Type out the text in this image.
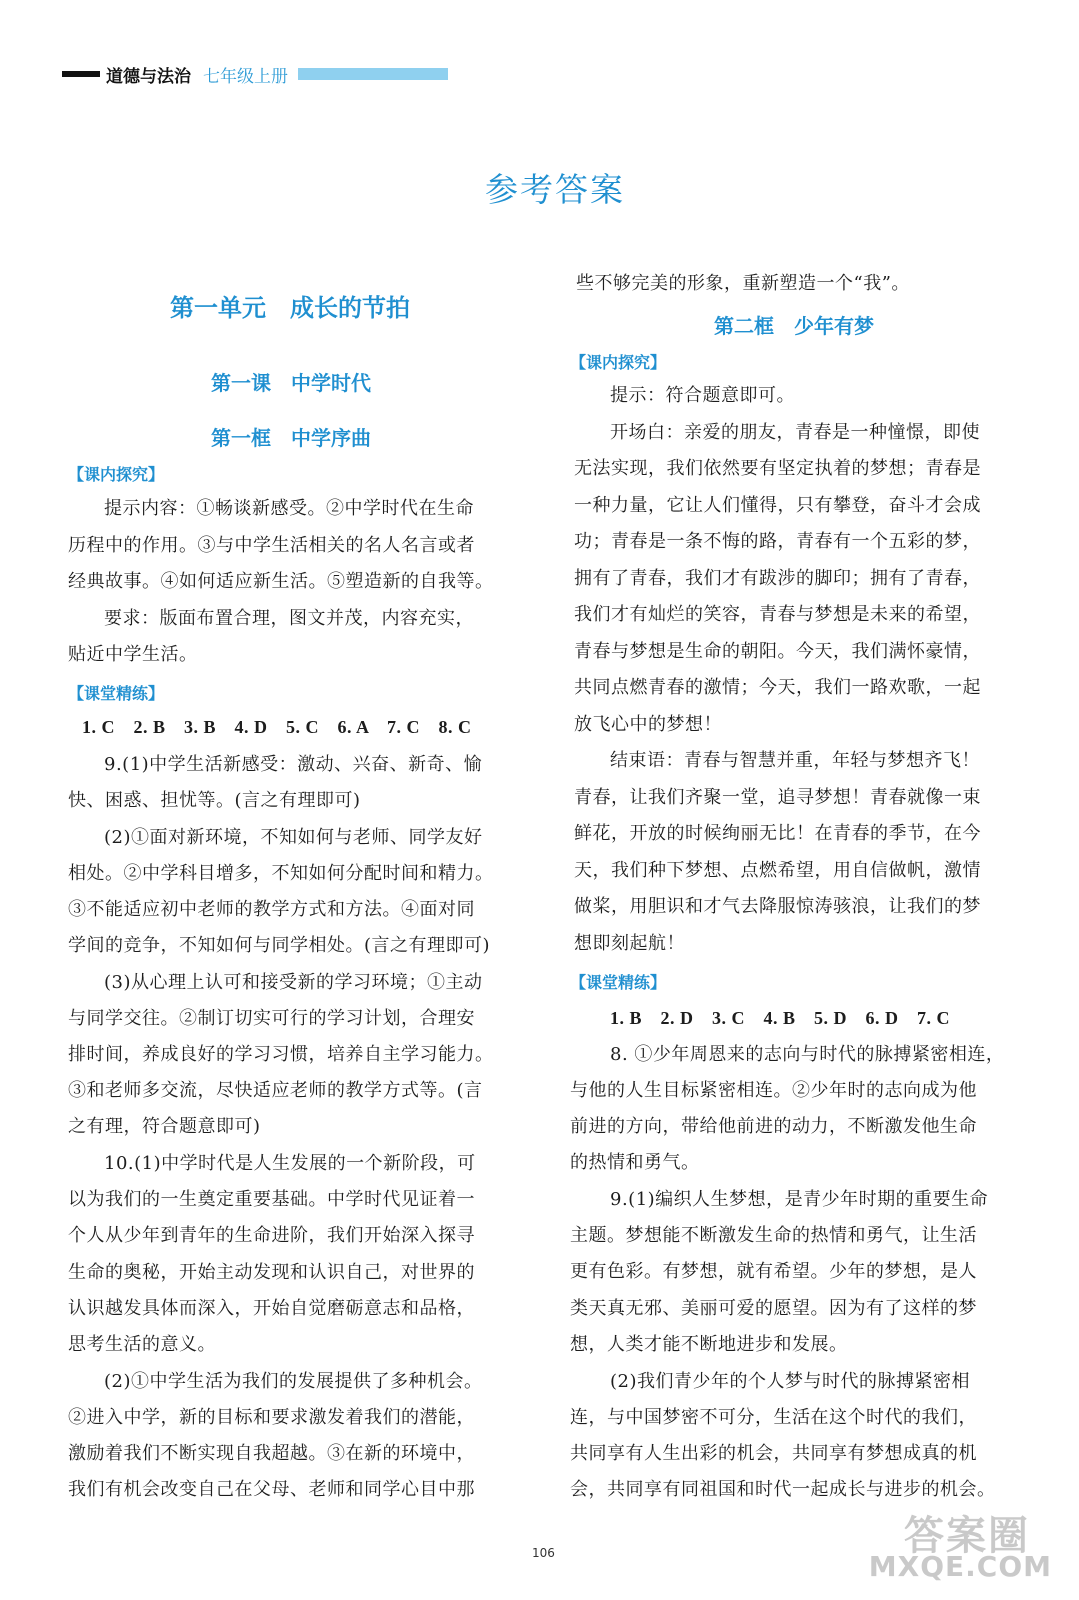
道德与法治 七年级上册
参考答案
第一单元　成长的节拍
第一课　中学时代
第一框　中学序曲
【课内探究】
提示内容：①畅谈新感受。②中学时代在生命
历程中的作用。③与中学生活相关的名人名言或者
经典故事。④如何适应新生活。⑤塑造新的自我等。
要求：版面布置合理，图文并茂，内容充实，
贴近中学生活。
【课堂精练】
1. C　2. B　3. B　4. D　5. C　6. A　7. C　8. C
9.(1)中学生活新感受：激动、兴奋、新奇、愉
快、困惑、担忧等。(言之有理即可)
(2)①面对新环境，不知如何与老师、同学友好
相处。②中学科目增多，不知如何分配时间和精力。
③不能适应初中老师的教学方式和方法。④面对同
学间的竞争，不知如何与同学相处。(言之有理即可)
(3)从心理上认可和接受新的学习环境；①主动
与同学交往。②制订切实可行的学习计划，合理安
排时间，养成良好的学习习惯，培养自主学习能力。
③和老师多交流，尽快适应老师的教学方式等。(言
之有理，符合题意即可)
10.(1)中学时代是人生发展的一个新阶段，可
以为我们的一生奠定重要基础。中学时代见证着一
个人从少年到青年的生命进阶，我们开始深入探寻
生命的奥秘，开始主动发现和认识自己，对世界的
认识越发具体而深入，开始自觉磨砺意志和品格，
思考生活的意义。
(2)①中学生活为我们的发展提供了多种机会。
②进入中学，新的目标和要求激发着我们的潜能，
激励着我们不断实现自我超越。③在新的环境中，
我们有机会改变自己在父母、老师和同学心目中那
些不够完美的形象，重新塑造一个“我”。
第二框　少年有梦
【课内探究】
提示：符合题意即可。
开场白：亲爱的朋友，青春是一种憧憬，即使
无法实现，我们依然要有坚定执着的梦想；青春是
一种力量，它让人们懂得，只有攀登，奋斗才会成
功；青春是一条不悔的路，青春有一个五彩的梦，
拥有了青春，我们才有跋涉的脚印；拥有了青春，
我们才有灿烂的笑容，青春与梦想是未来的希望，
青春与梦想是生命的朝阳。今天，我们满怀豪情，
共同点燃青春的激情；今天，我们一路欢歌，一起
放飞心中的梦想！
结束语：青春与智慧并重，年轻与梦想齐飞！
青春，让我们齐聚一堂，追寻梦想！青春就像一束
鲜花，开放的时候绚丽无比！在青春的季节，在今
天，我们种下梦想、点燃希望，用自信做帆，激情
做桨，用胆识和才气去降服惊涛骇浪，让我们的梦
想即刻起航！
【课堂精练】
1. B　2. D　3. C　4. B　5. D　6. D　7. C
8. ①少年周恩来的志向与时代的脉搏紧密相连，
与他的人生目标紧密相连。②少年时的志向成为他
前进的方向，带给他前进的动力，不断激发他生命
的热情和勇气。
9.(1)编织人生梦想，是青少年时期的重要生命
主题。梦想能不断激发生命的热情和勇气，让生活
更有色彩。有梦想，就有希望。少年的梦想，是人
类天真无邪、美丽可爱的愿望。因为有了这样的梦
想，人类才能不断地进步和发展。
(2)我们青少年的个人梦与时代的脉搏紧密相
连，与中国梦密不可分，生活在这个时代的我们，
共同享有人生出彩的机会，共同享有梦想成真的机
会，共同享有同祖国和时代一起成长与进步的机会。
106	答案圈
MXQE.COM
